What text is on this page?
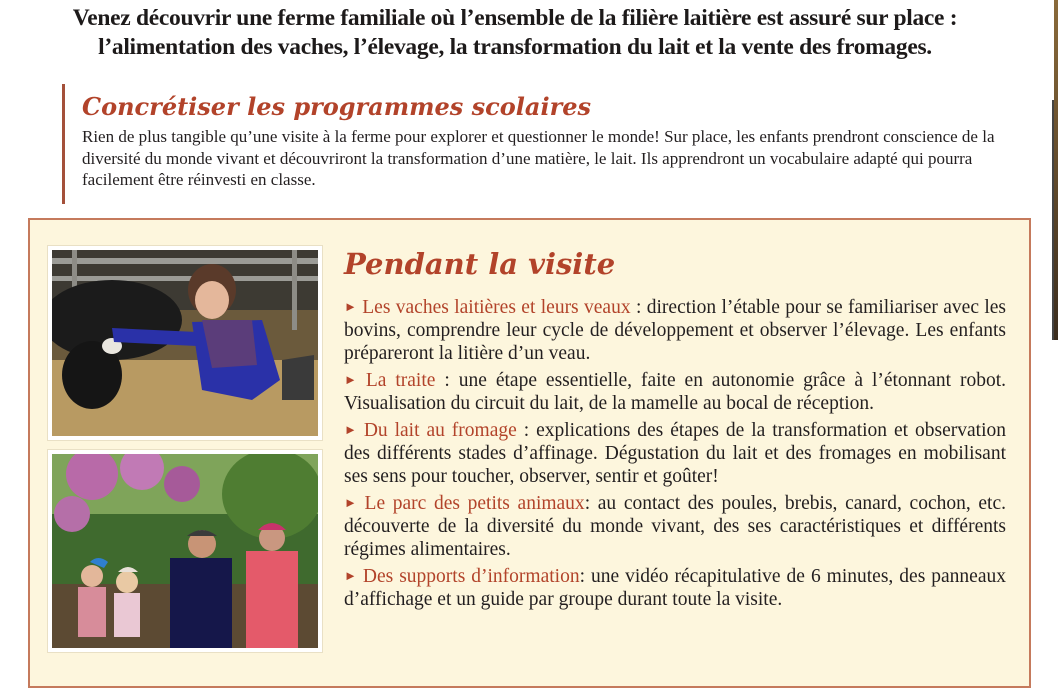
Venez découvrir une ferme familiale où l’ensemble de la filière laitière est assuré sur place :
l’alimentation des vaches, l’élevage, la transformation du lait et la vente des fromages.
Concrétiser les programmes scolaires
Rien de plus tangible qu’une visite à la ferme pour explorer et questionner le monde! Sur place, les enfants prendront conscience de la diversité du monde vivant et découvriront la transformation d’une matière, le lait. Ils apprendront un vocabulaire adapté qui pourra facilement être réinvesti en classe.
Pendant la visite
► Les vaches laitières et leurs veaux : direction l’étable pour se familiariser avec les bovins, comprendre leur cycle de développement et observer l’élevage. Les enfants prépareront la litière d’un veau.
► La traite : une étape essentielle, faite en autonomie grâce à l’étonnant robot. Visualisation du circuit du lait, de la mamelle au bocal de réception.
► Du lait au fromage : explications des étapes de la transformation et observation des différents stades d’affinage. Dégustation du lait et des fromages en mobilisant ses sens pour toucher, observer, sentir et goûter!
► Le parc des petits animaux: au contact des poules, brebis, canard, cochon, etc. découverte de la diversité du monde vivant, des ses caractéristiques et différents régimes alimentaires.
► Des supports d’information: une vidéo récapitulative de 6 minutes, des panneaux d’affichage et un guide par groupe durant toute la visite.
